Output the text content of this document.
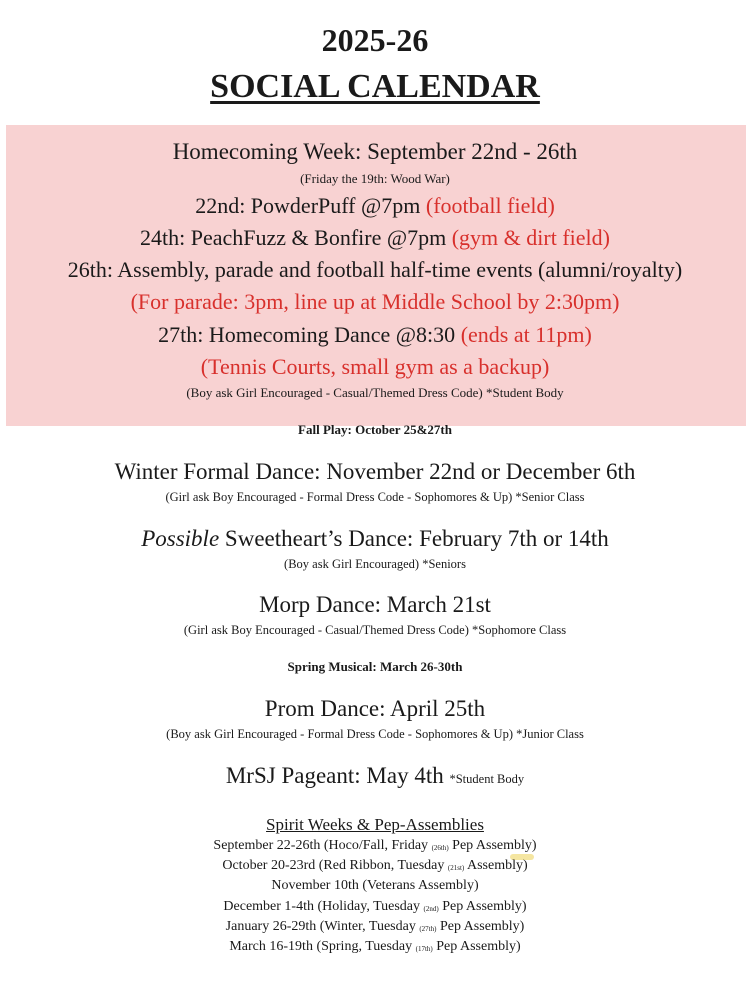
2025-26
SOCIAL CALENDAR
Homecoming Week: September 22nd - 26th
(Friday the 19th: Wood War)
22nd: PowderPuff @7pm (football field)
24th: PeachFuzz & Bonfire @7pm (gym & dirt field)
26th: Assembly, parade and football half-time events (alumni/royalty)
(For parade: 3pm, line up at Middle School by 2:30pm)
27th: Homecoming Dance @8:30 (ends at 11pm)
(Tennis Courts, small gym as a backup)
(Boy ask Girl Encouraged - Casual/Themed Dress Code) *Student Body
Fall Play: October 25&27th
Winter Formal Dance: November 22nd or December 6th
(Girl ask Boy Encouraged - Formal Dress Code - Sophomores & Up) *Senior Class
Possible Sweetheart’s Dance: February 7th or 14th
(Boy ask Girl Encouraged) *Seniors
Morp Dance: March 21st
(Girl ask Boy Encouraged - Casual/Themed Dress Code) *Sophomore Class
Spring Musical: March 26-30th
Prom Dance: April 25th
(Boy ask Girl Encouraged - Formal Dress Code - Sophomores & Up) *Junior Class
MrSJ Pageant: May 4th *Student Body
Spirit Weeks & Pep-Assemblies
September 22-26th (Hoco/Fall, Friday (26th) Pep Assembly)
October 20-23rd (Red Ribbon, Tuesday (21st) Assembly)
November 10th (Veterans Assembly)
December 1-4th (Holiday, Tuesday (2nd) Pep Assembly)
January 26-29th (Winter, Tuesday (27th) Pep Assembly)
March 16-19th (Spring, Tuesday (17th) Pep Assembly)
